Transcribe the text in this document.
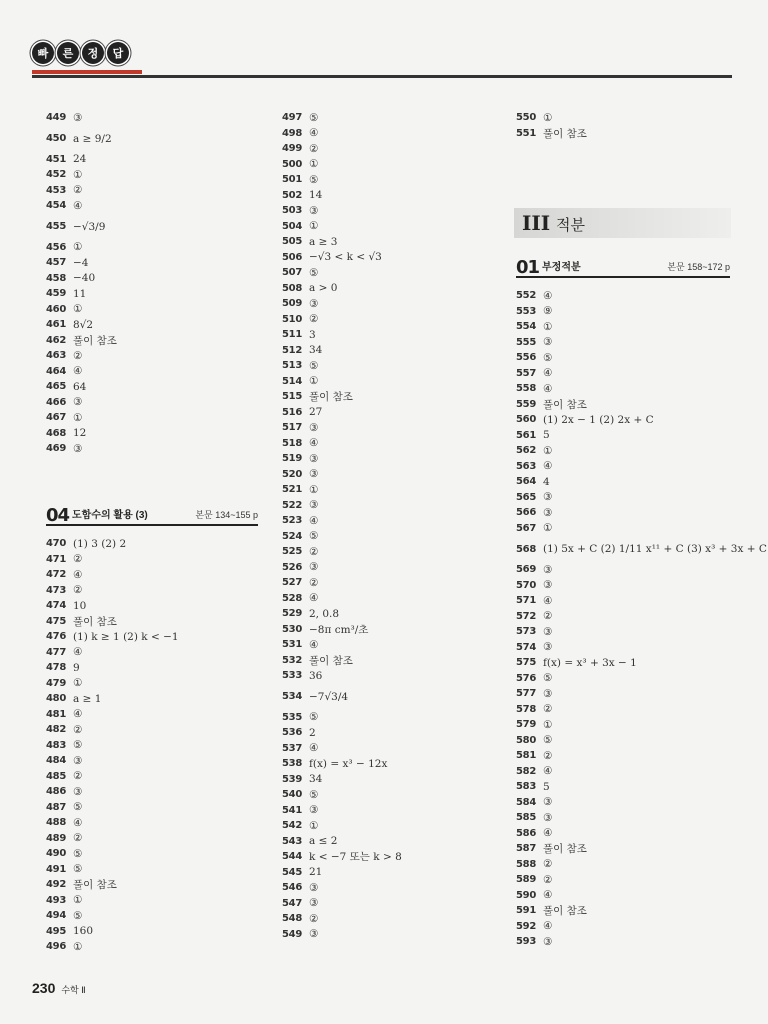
빠	른	정	답
449 ③
450 a ≥ 9/2
451 24
452 ①
453 ②
454 ④
455 −√3/9
456 ①
457 −4
458 −40
459 11
460 ①
461 8√2
462 풀이 참조
463 ②
464 ④
465 64
466 ③
467 ①
468 12
469 ③
04 도함수의 활용 (3)	본문 134~155 p
470 (1) 3 (2) 2
471 ②
472 ④
473 ②
474 10
475 풀이 참조
476 (1) k ≥ 1 (2) k < −1
477 ④
478 9
479 ①
480 a ≥ 1
481 ④
482 ②
483 ⑤
484 ③
485 ②
486 ③
487 ⑤
488 ④
489 ②
490 ⑤
491 ⑤
492 풀이 참조
493 ①
494 ⑤
495 160
496 ①
497 ⑤
498 ④
499 ②
500 ①
501 ⑤
502 14
503 ③
504 ①
505 a ≥ 3
506 −√3 < k < √3
507 ⑤
508 a > 0
509 ③
510 ②
511 3
512 34
513 ⑤
514 ①
515 풀이 참조
516 27
517 ③
518 ④
519 ③
520 ③
521 ①
522 ③
523 ④
524 ⑤
525 ②
526 ③
527 ②
528 ④
529 2, 0.8
530 −8π cm³/초
531 ④
532 풀이 참조
533 36
534 −7√3/4
535 ⑤
536 2
537 ④
538 f(x) = x³ − 12x
539 34
540 ⑤
541 ③
542 ①
543 a ≤ 2
544 k < −7 또는 k > 8
545 21
546 ③
547 ③
548 ②
549 ③
550 ①
551 풀이 참조
III 적분
01 부정적분	본문 158~172 p
552 ④
553 ⑨
554 ①
555 ③
556 ⑤
557 ④
558 ④
559 풀이 참조
560 (1) 2x − 1 (2) 2x + C
561 5
562 ①
563 ④
564 4
565 ③
566 ③
567 ①
568 (1) 5x + C (2) 1/11 x¹¹ + C (3) x³ + 3x + C
569 ③
570 ③
571 ④
572 ②
573 ③
574 ③
575 f(x) = x³ + 3x − 1
576 ⑤
577 ③
578 ②
579 ①
580 ⑤
581 ②
582 ④
583 5
584 ③
585 ③
586 ④
587 풀이 참조
588 ②
589 ②
590 ④
591 풀이 참조
592 ④
593 ③
230 수학 Ⅱ
